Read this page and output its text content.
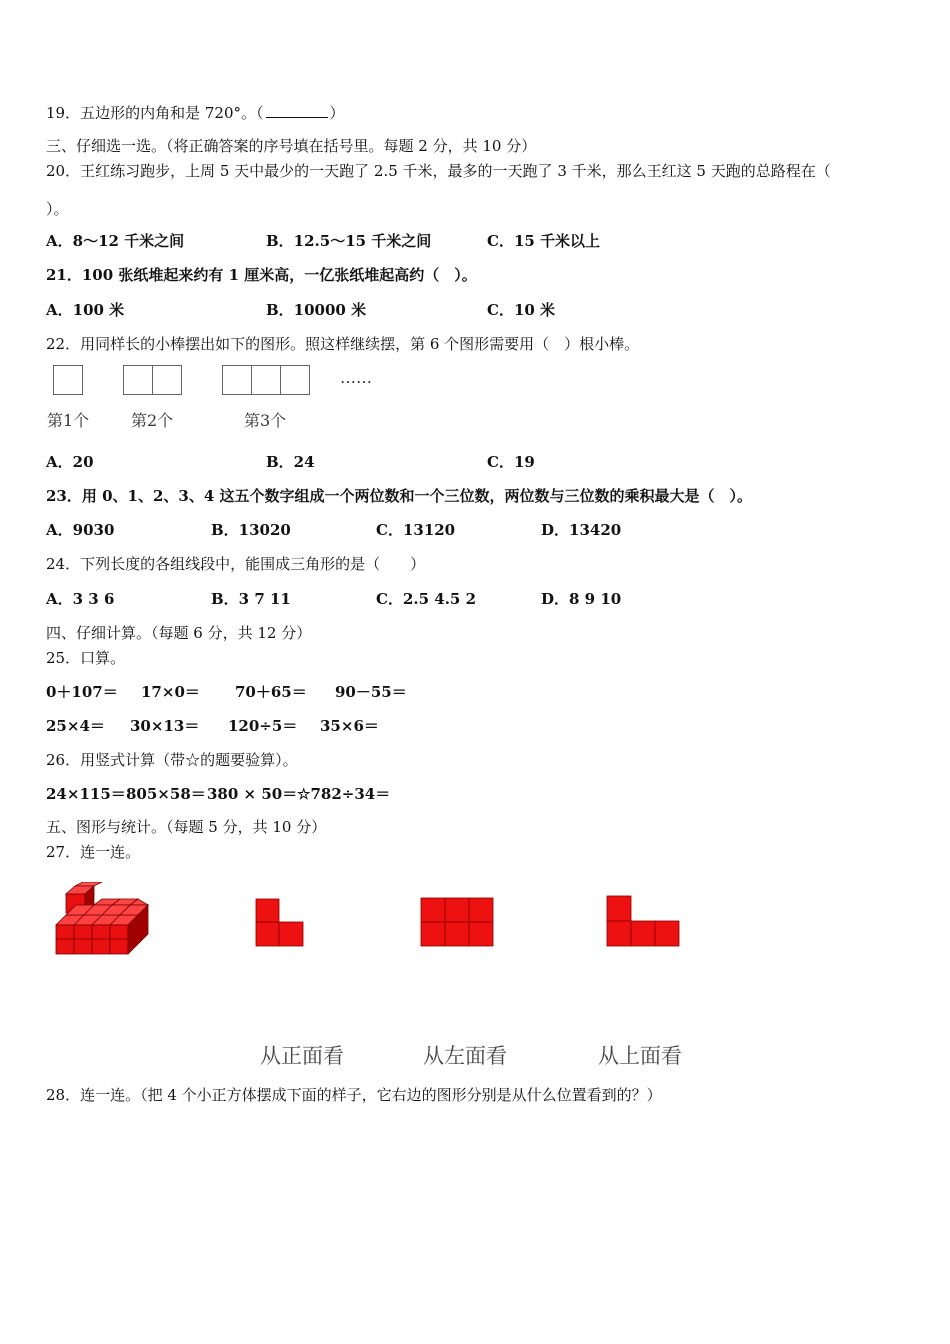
19．五边形的内角和是 720°。（	）
三、仔细选一选。（将正确答案的序号填在括号里。每题 2 分，共 10 分）
20．王红练习跑步，上周 5 天中最少的一天跑了 2.5 千米，最多的一天跑了 3 千米，那么王红这 5 天跑的总路程在（
）。
A．8～12 千米之间	B．12.5～15 千米之间	C．15 千米以上
21．100 张纸堆起来约有 1 厘米高，一亿张纸堆起高约（　）。
A．100 米	B．10000 米	C．10 米
22．用同样长的小棒摆出如下的图形。照这样继续摆，第 6 个图形需要用（　）根小棒。
……
第1个	第2个	第3个
A．20	B．24	C．19
23．用 0、1、2、3、4 这五个数字组成一个两位数和一个三位数，两位数与三位数的乘积最大是（　）。
A．9030	B．13020	C．13120	D．13420
24．下列长度的各组线段中，能围成三角形的是（　　）
A．3 3 6	B．3 7 11	C．2.5 4.5 2	D．8 9 10
四、仔细计算。（每题 6 分，共 12 分）
25．口算。
0＋107＝ 17×0＝ 70＋65＝ 90－55＝
25×4＝ 30×13＝ 120÷5＝ 35×6＝
26．用竖式计算（带☆的题要验算）。
24×115＝ 805×58＝ 380 × 50＝ ☆782÷34＝
五、图形与统计。（每题 5 分，共 10 分）
27．连一连。
从正面看	从左面看	从上面看
28．连一连。（把 4 个小正方体摆成下面的样子，它右边的图形分别是从什么位置看到的？）
